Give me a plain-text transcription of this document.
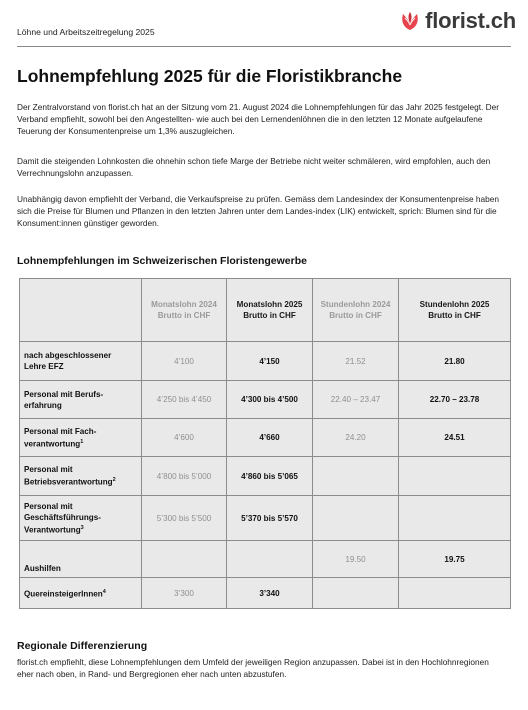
Löhne und Arbeitszeitregelung 2025	florist.ch
Lohnempfehlung 2025 für die Floristikbranche

Der Zentralvorstand von florist.ch hat an der Sitzung vom 21. August 2024 die Lohnempfehlungen für das Jahr 2025 festgelegt. Der Verband empfiehlt, sowohl bei den Angestellten- wie auch bei den Lernendenlöhnen die in den letzten 12 Monate aufgelaufene Teuerung der Konsumentenpreise um 1,3% auszugleichen.

Damit die steigenden Lohnkosten die ohnehin schon tiefe Marge der Betriebe nicht weiter schmäleren, wird empfohlen, auch den Verrechnungslohn anzupassen.

Unabhängig davon empfiehlt der Verband, die Verkaufspreise zu prüfen. Gemäss dem Landesindex der Konsumentenpreise haben sich die Preise für Blumen und Pflanzen in den letzten Jahren unter dem Landes-index (LIK) entwickelt, sprich: Blumen sind für die Konsument:innen günstiger geworden.

Lohnempfehlungen im Schweizerischen Floristengewerbe
	Monatslohn 2024
Brutto in CHF	Monatslohn 2025
Brutto in CHF	Stundenlohn 2024
Brutto in CHF	Stundenlohn 2025
Brutto in CHF
nach abgeschlossener
Lehre EFZ	4’100	4’150	21.52	21.80
Personal mit Berufs-
erfahrung	4’250 bis 4’450	4’300 bis 4’500	22.40 – 23.47	22.70 – 23.78
Personal mit Fach-
verantwortung$^1$	4’600	4’660	24.20	24.51
Personal mit
Betriebsverantwortung$^2$	4’800 bis 5’000	4’860 bis 5’065		
Personal mit
Geschäftsführungs-
Verantwortung$^3$	5’300 bis 5’500	5’370 bis 5’570		
Aushilfen			19.50	19.75
QuereinsteigerInnen$^4$	3’300	3’340		
Regionale Differenzierung

florist.ch empfiehlt, diese Lohnempfehlungen dem Umfeld der jeweiligen Region anzupassen. Dabei ist in den Hochlohnregionen eher nach oben, in Rand- und Bergregionen eher nach unten abzustufen.
